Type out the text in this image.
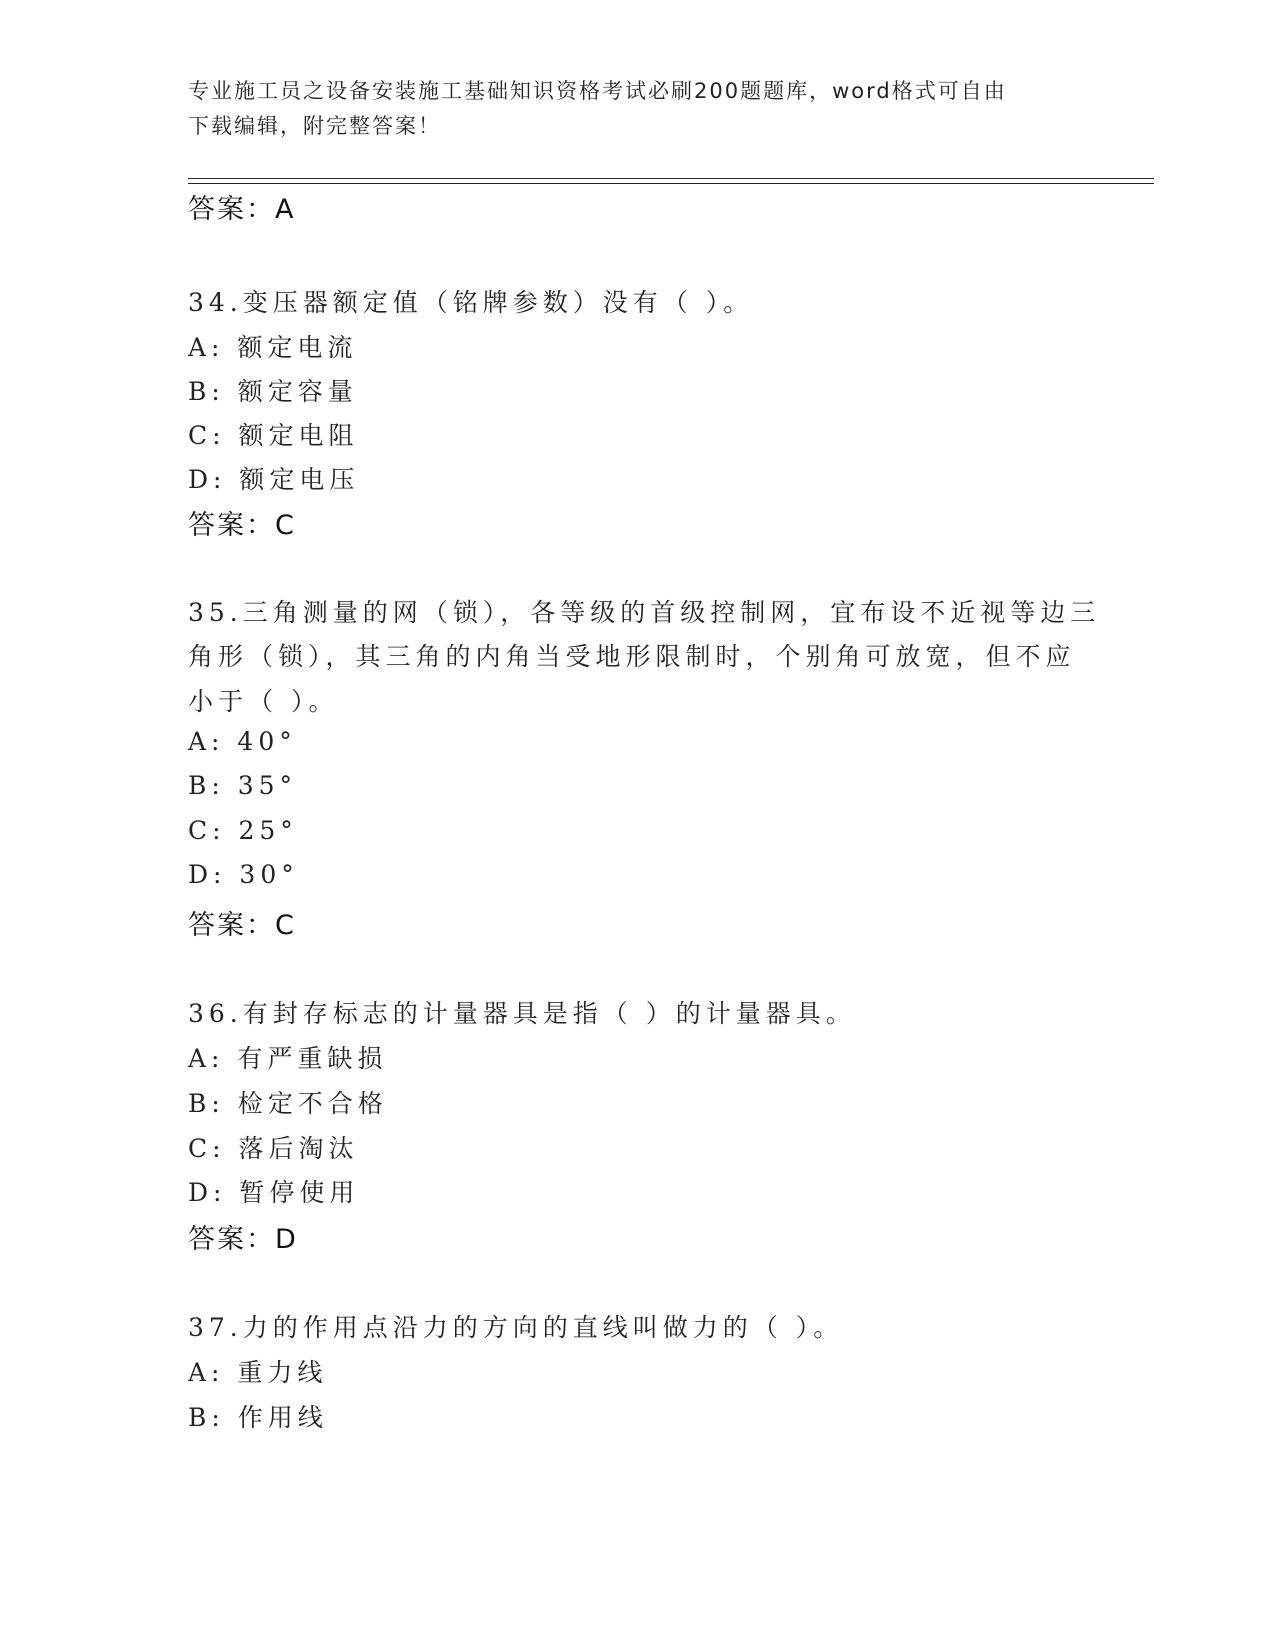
专业施工员之设备安装施工基础知识资格考试必刷200题题库，word格式可自由
下载编辑，附完整答案！
答案：A
34.变压器额定值（铭牌参数）没有（ ）。
A: 额定电流
B: 额定容量
C: 额定电阻
D: 额定电压
答案：C
35.三角测量的网（锁），各等级的首级控制网，宜布设不近视等边三
角形（锁），其三角的内角当受地形限制时，个别角可放宽，但不应
小于（ ）。
A: 40°
B: 35°
C: 25°
D: 30°
答案：C
36.有封存标志的计量器具是指（ ）的计量器具。
A: 有严重缺损
B: 检定不合格
C: 落后淘汰
D: 暂停使用
答案：D
37.力的作用点沿力的方向的直线叫做力的（ ）。
A: 重力线
B: 作用线
